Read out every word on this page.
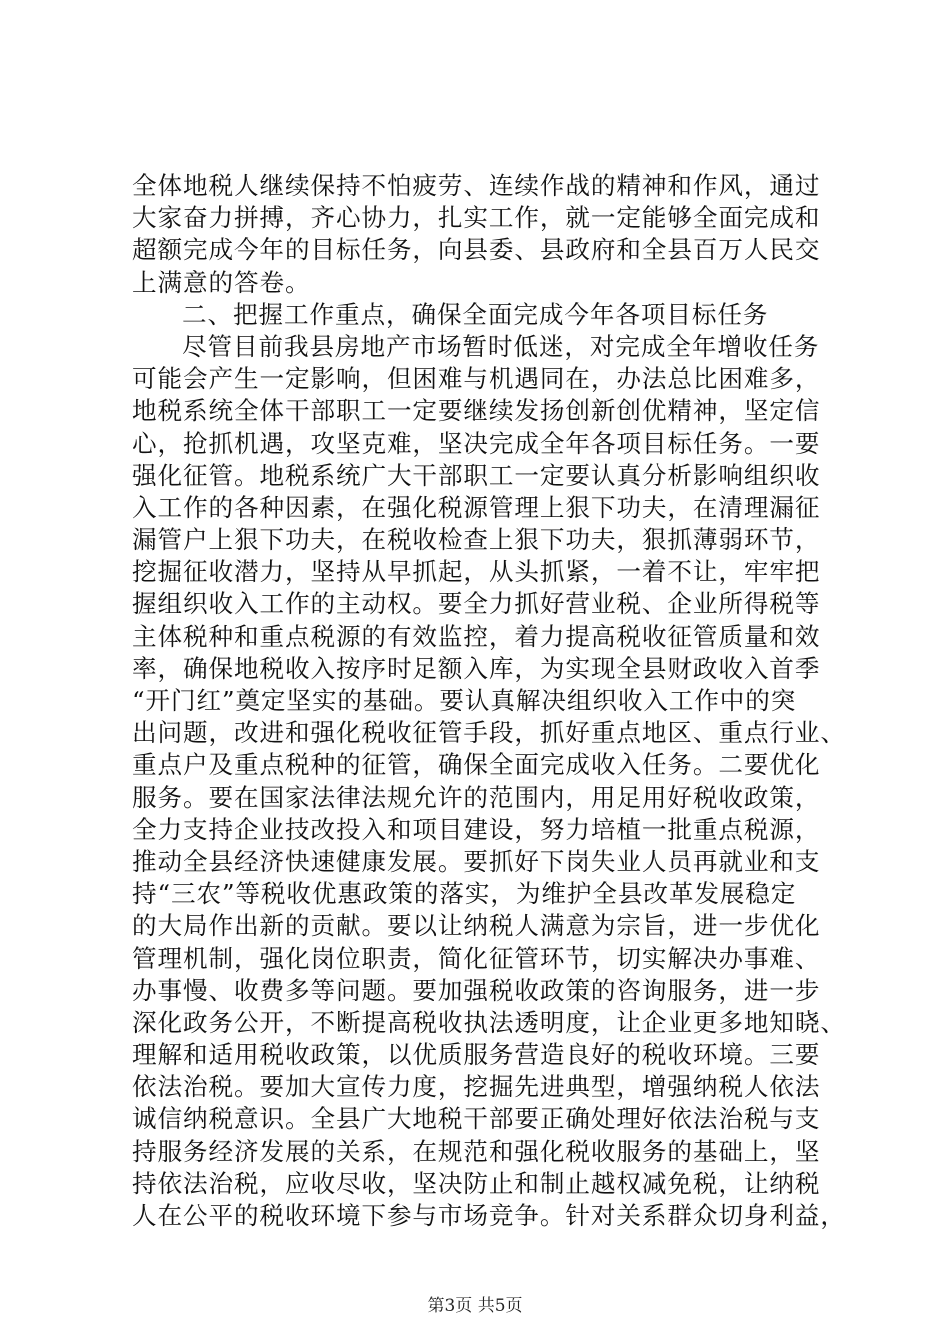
全体地税人继续保持不怕疲劳、连续作战的精神和作风，通过
大家奋力拼搏，齐心协力，扎实工作，就一定能够全面完成和
超额完成今年的目标任务，向县委、县政府和全县百万人民交
上满意的答卷。
二、把握工作重点，确保全面完成今年各项目标任务
尽管目前我县房地产市场暂时低迷，对完成全年增收任务
可能会产生一定影响，但困难与机遇同在，办法总比困难多，
地税系统全体干部职工一定要继续发扬创新创优精神，坚定信
心，抢抓机遇，攻坚克难，坚决完成全年各项目标任务。一要
强化征管。地税系统广大干部职工一定要认真分析影响组织收
入工作的各种因素，在强化税源管理上狠下功夫，在清理漏征
漏管户上狠下功夫，在税收检查上狠下功夫，狠抓薄弱环节，
挖掘征收潜力，坚持从早抓起，从头抓紧，一着不让，牢牢把
握组织收入工作的主动权。要全力抓好营业税、企业所得税等
主体税种和重点税源的有效监控，着力提高税收征管质量和效
率，确保地税收入按序时足额入库，为实现全县财政收入首季
“开门红”奠定坚实的基础。要认真解决组织收入工作中的突
出问题，改进和强化税收征管手段，抓好重点地区、重点行业、
重点户及重点税种的征管，确保全面完成收入任务。二要优化
服务。要在国家法律法规允许的范围内，用足用好税收政策，
全力支持企业技改投入和项目建设，努力培植一批重点税源，
推动全县经济快速健康发展。要抓好下岗失业人员再就业和支
持“三农”等税收优惠政策的落实，为维护全县改革发展稳定
的大局作出新的贡献。要以让纳税人满意为宗旨，进一步优化
管理机制，强化岗位职责，简化征管环节，切实解决办事难、
办事慢、收费多等问题。要加强税收政策的咨询服务，进一步
深化政务公开，不断提高税收执法透明度，让企业更多地知晓、
理解和适用税收政策，以优质服务营造良好的税收环境。三要
依法治税。要加大宣传力度，挖掘先进典型，增强纳税人依法
诚信纳税意识。全县广大地税干部要正确处理好依法治税与支
持服务经济发展的关系，在规范和强化税收服务的基础上，坚
持依法治税，应收尽收，坚决防止和制止越权减免税，让纳税
人在公平的税收环境下参与市场竞争。针对关系群众切身利益，
第3页 共5页
